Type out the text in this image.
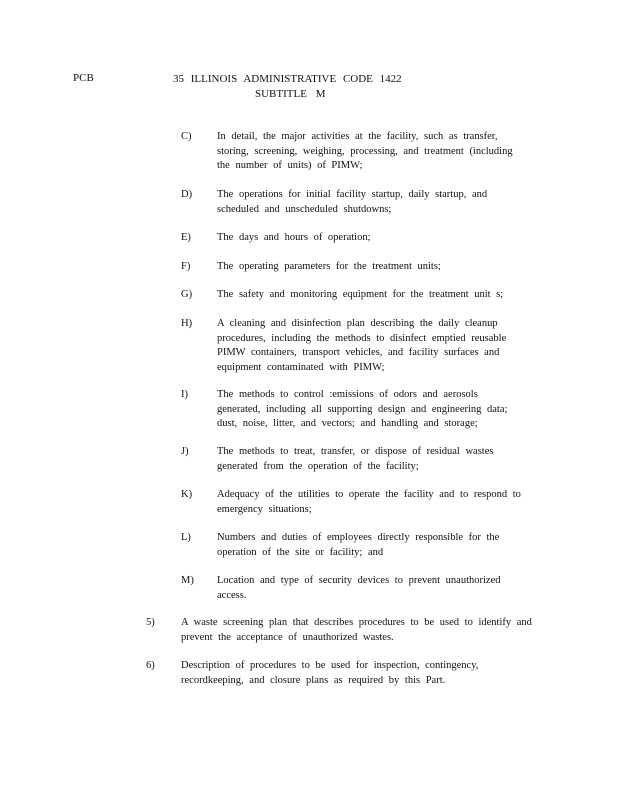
PCB	35 ILLINOIS ADMINISTRATIVE CODE 1422
SUBTITLE M
C) In detail, the major activities at the facility, such as transfer,
storing, screening, weighing, processing, and treatment (including
the number of units) of PIMW;
D) The operations for initial facility startup, daily startup, and
scheduled and unscheduled shutdowns;
E) The days and hours of operation;
F)	The operating parameters for the treatment units;
G) The safety and monitoring equipment for the treatment unit s;
H) A cleaning and disinfection plan describing the daily cleanup
procedures, including the methods to disinfect emptied reusable
PIMW containers, transport vehicles, and facility surfaces and
equipment contaminated with PIMW;
I)	The methods to control :emissions of odors and aerosols
generated, including all supporting design and engineering data;
dust, noise, litter, and vectors; and handling and storage;
J)	The methods to treat, transfer, or dispose of residual wastes
generated from the operation of the facility;
K) Adequacy of the utilities to operate the facility and to respond to
emergency situations;
L) Numbers and duties of employees directly responsible for the
operation of the site or facility; and
M) Location and type of security devices to prevent unauthorized
access.
5)	A waste screening plan that describes procedures to be used to identify and
prevent the acceptance of unauthorized wastes.
6)	Description of procedures to be used for inspection, contingency,
recordkeeping, and closure plans as required by this Part.
